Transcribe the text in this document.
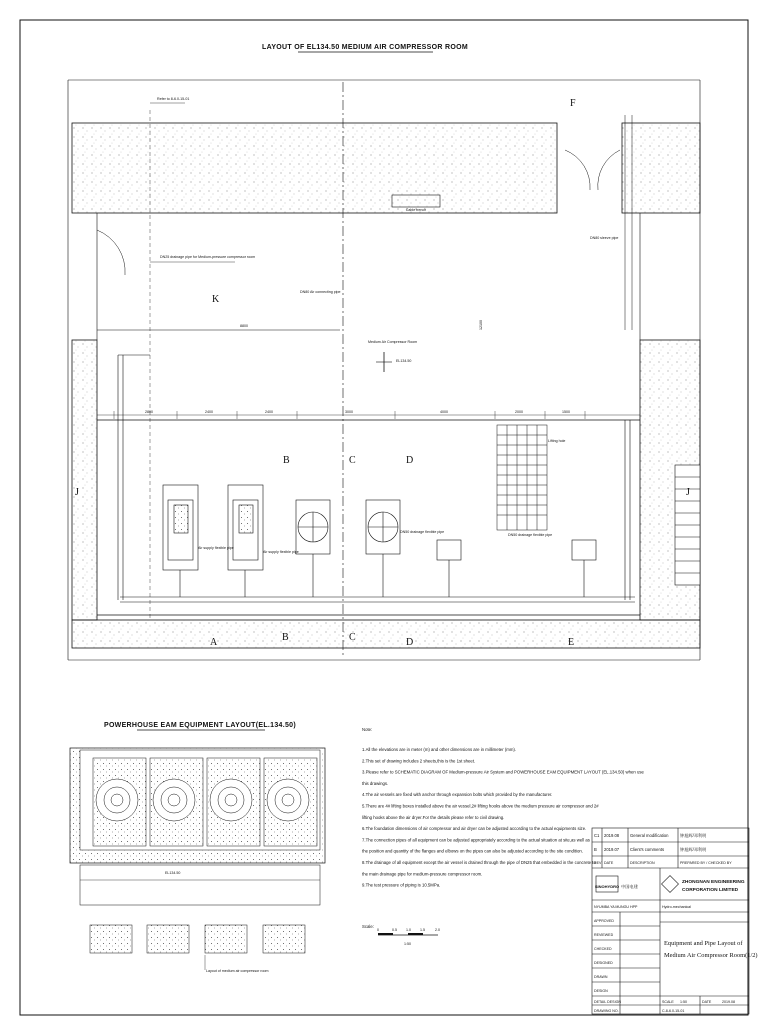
LAYOUT OF EL134.50 MEDIUM AIR COMPRESSOR ROOM
Cable trench
Refer to 8-6.0-15-01
DN25 drainage pipe for Medium-pressure compressor room
DN80 Air connecting pipe
DN80 sleeve pipe
Medium Air Compressor Room
EL134.50
2800	2400	2400	3000	4000	2000	1500
8800	12100
F
K
B	C	D
J	J
A	B	C	D	E
Air supply flexible pipe
Air supply flexible pipe
DN50 drainage flexible pipe
DN50 drainage flexible pipe
Lifting hole
POWERHOUSE EAM EQUIPMENT LAYOUT(EL.134.50)
EL134.50
Layout of medium air compressor room
Note:
1.All the elevations are in meter (m) and other dimensions are in millimeter (mm).
2.This set of drawing includes 2 sheets,this is the 1st sheet.
3.Please refer to SCHEMATIC DIAGRAM OF Medium-pressure Air System and POWERHOUSE EAM EQUIPMENT LAYOUT (EL.134.50) when use
this drawings.
4.The air vessels are fixed with anchor through expansion bolts which provided by the manufacturer.
5.There are 4# lifting boxes installed above the air vessel,2# lifting hooks above the medium pressure air compressor and 2#
lifting hooks above the air dryer.For the details please refer to civil drawing.
6.The foundation dimensions of air compressor and air dryer can be adjusted according to the actual equipments size.
7.The connection pipes of all equipment can be adjusted appropriately according to the actual situation at site,as well as
the position and quantity of the flanges and elbows on the pipes can also be adjusted according to the site condition.
8.The drainage of all equipment except the air vessel is drained through the pipe of DN25 that embedded in the concrete to
the main drainage pipe for medium-pressure compressor room.
9.The test pressure of piping is 10.5MPa.
Scale:
0	0.5	1.0	1.5	2.0
1:50
C1 2019.08	General modification	钟旭辉/邓利明
B 2019.07	Client's comments	钟旭辉/邓利明
REV DATE	DESCRIPTION	PREPARED BY / CHECKED BY
SINOHYDRO 中国电建
ZHONGNAN ENGINEERING
CORPORATION LIMITED
NYUMBA YA MUNGU HPP	Hydro-mechanical
Equipment and Pipe Layout of
Medium Air Compressor Room(1/2)
APPROVED
REVIEWED
CHECKED
DESIGNED
DRAWN
DESIGN
DETAIL DESIGN	SCALE 1:50	DATE	2019.08
DRAWING NO.	C-8-6.0-15-01
